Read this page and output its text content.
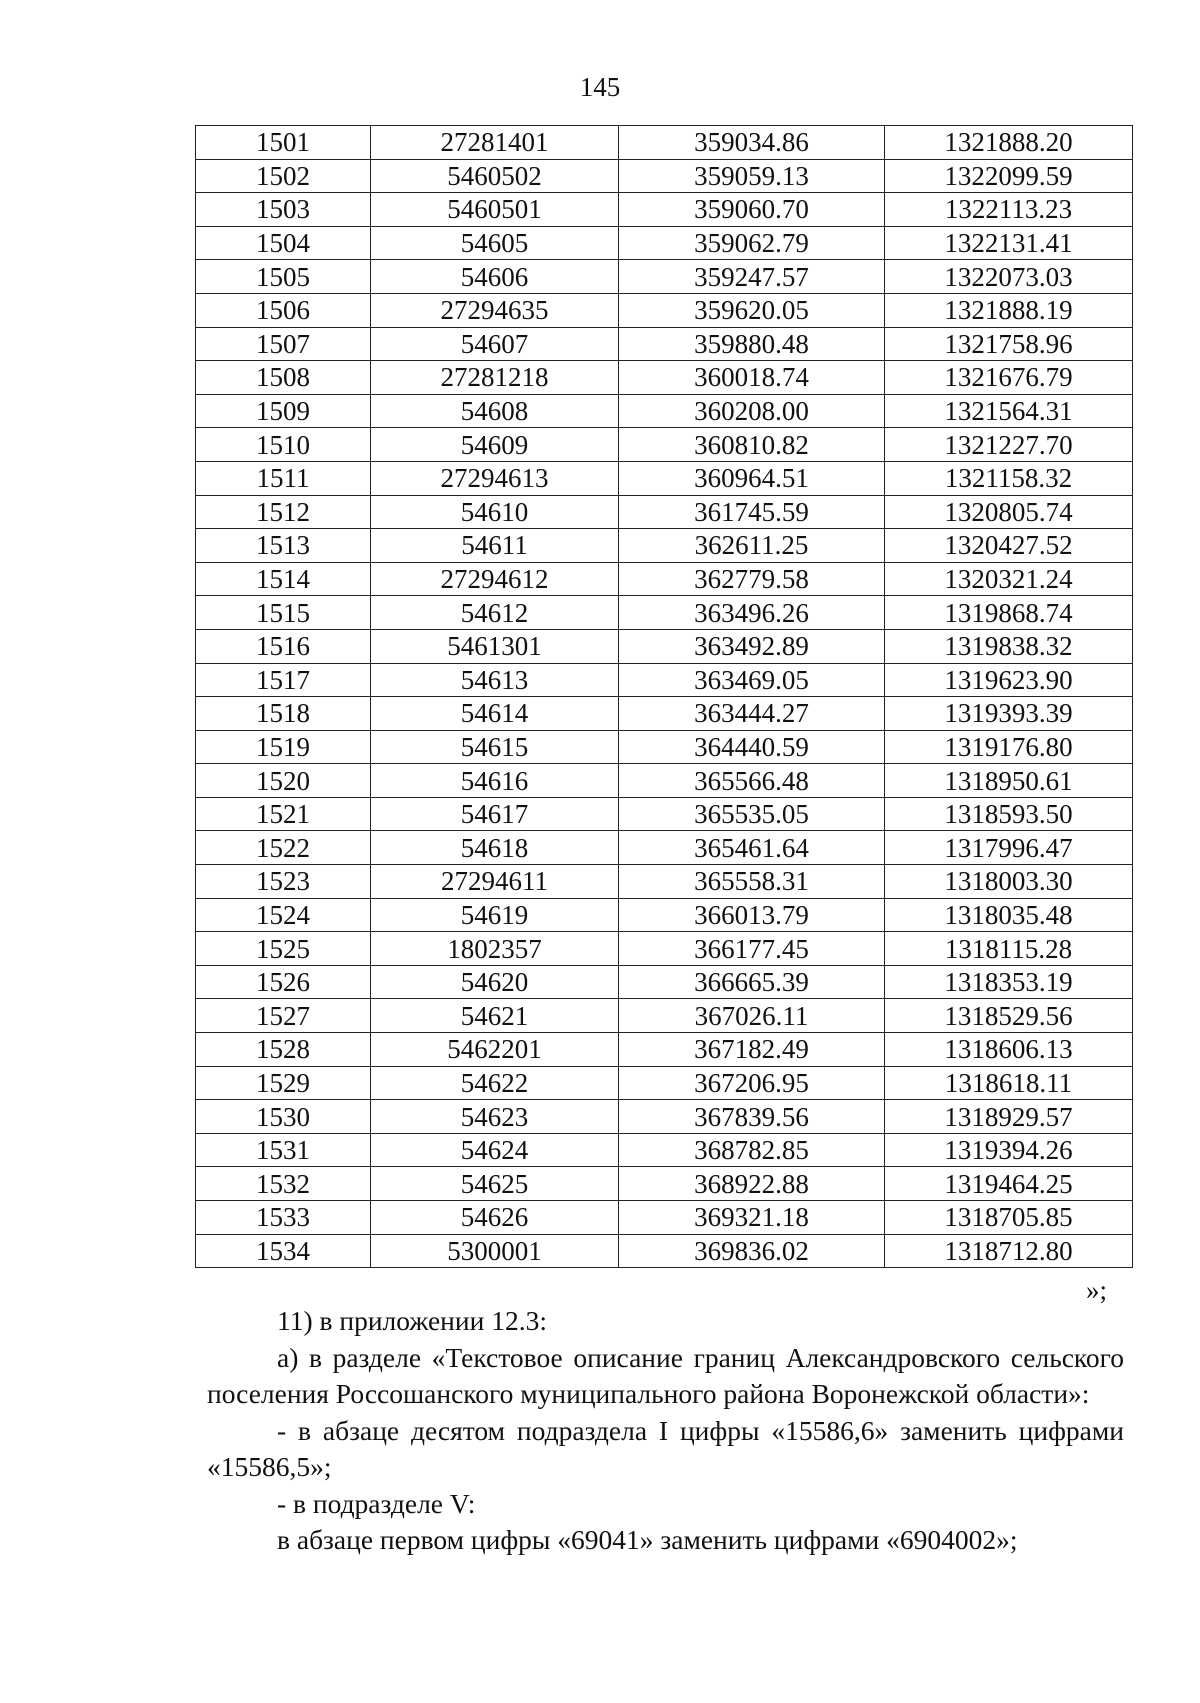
145
1501	27281401	359034.86	1321888.20
1502	5460502	359059.13	1322099.59
1503	5460501	359060.70	1322113.23
1504	54605	359062.79	1322131.41
1505	54606	359247.57	1322073.03
1506	27294635	359620.05	1321888.19
1507	54607	359880.48	1321758.96
1508	27281218	360018.74	1321676.79
1509	54608	360208.00	1321564.31
1510	54609	360810.82	1321227.70
1511	27294613	360964.51	1321158.32
1512	54610	361745.59	1320805.74
1513	54611	362611.25	1320427.52
1514	27294612	362779.58	1320321.24
1515	54612	363496.26	1319868.74
1516	5461301	363492.89	1319838.32
1517	54613	363469.05	1319623.90
1518	54614	363444.27	1319393.39
1519	54615	364440.59	1319176.80
1520	54616	365566.48	1318950.61
1521	54617	365535.05	1318593.50
1522	54618	365461.64	1317996.47
1523	27294611	365558.31	1318003.30
1524	54619	366013.79	1318035.48
1525	1802357	366177.45	1318115.28
1526	54620	366665.39	1318353.19
1527	54621	367026.11	1318529.56
1528	5462201	367182.49	1318606.13
1529	54622	367206.95	1318618.11
1530	54623	367839.56	1318929.57
1531	54624	368782.85	1319394.26
1532	54625	368922.88	1319464.25
1533	54626	369321.18	1318705.85
1534	5300001	369836.02	1318712.80
»;

11) в приложении 12.3:

а) в разделе «Текстовое описание границ Александровского сельского поселения Россошанского муниципального района Воронежской области»:

- в абзаце десятом подраздела I цифры «15586,6» заменить цифрами «15586,5»;

- в подразделе V:

в абзаце первом цифры «69041» заменить цифрами «6904002»;
